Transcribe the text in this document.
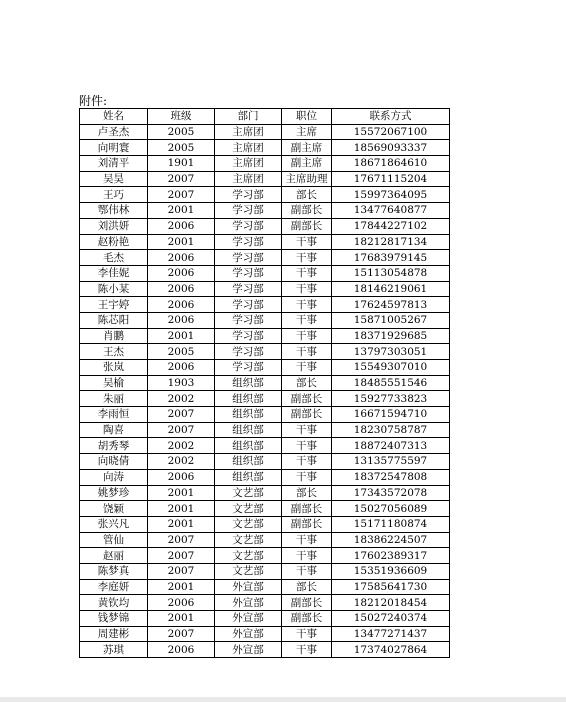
附件:
姓名	班级	部门	职位	联系方式
卢圣杰	2005	主席团	主席	15572067100
向明寰	2005	主席团	副主席	18569093337
刘清平	1901	主席团	副主席	18671864610
吴昊	2007	主席团	主席助理	17671115204
王巧	2007	学习部	部长	15997364095
鄂伟林	2001	学习部	副部长	13477640877
刘洪妍	2006	学习部	副部长	17844227102
赵粉艳	2001	学习部	干事	18212817134
毛杰	2006	学习部	干事	17683979145
李佳妮	2006	学习部	干事	15113054878
陈小某	2006	学习部	干事	18146219061
王宇婷	2006	学习部	干事	17624597813
陈芯阳	2006	学习部	干事	15871005267
肖鹏	2001	学习部	干事	18371929685
王杰	2005	学习部	干事	13797303051
张岚	2006	学习部	干事	15549307010
吴榆	1903	组织部	部长	18485551546
朱丽	2002	组织部	副部长	15927733823
李雨恒	2007	组织部	副部长	16671594710
陶喜	2007	组织部	干事	18230758787
胡秀琴	2002	组织部	干事	18872407313
向晓倩	2002	组织部	干事	13135775597
向涛	2006	组织部	干事	18372547808
姚梦珍	2001	文艺部	部长	17343572078
饶颖	2001	文艺部	副部长	15027056089
张兴凡	2001	文艺部	副部长	15171180874
管仙	2007	文艺部	干事	18386224507
赵丽	2007	文艺部	干事	17602389317
陈梦真	2007	文艺部	干事	15351936609
李庭妍	2001	外宣部	部长	17585641730
黄钦均	2006	外宣部	副部长	18212018454
钱梦锦	2001	外宣部	副部长	15027240374
周建彬	2007	外宣部	干事	13477271437
苏琪	2006	外宣部	干事	17374027864
